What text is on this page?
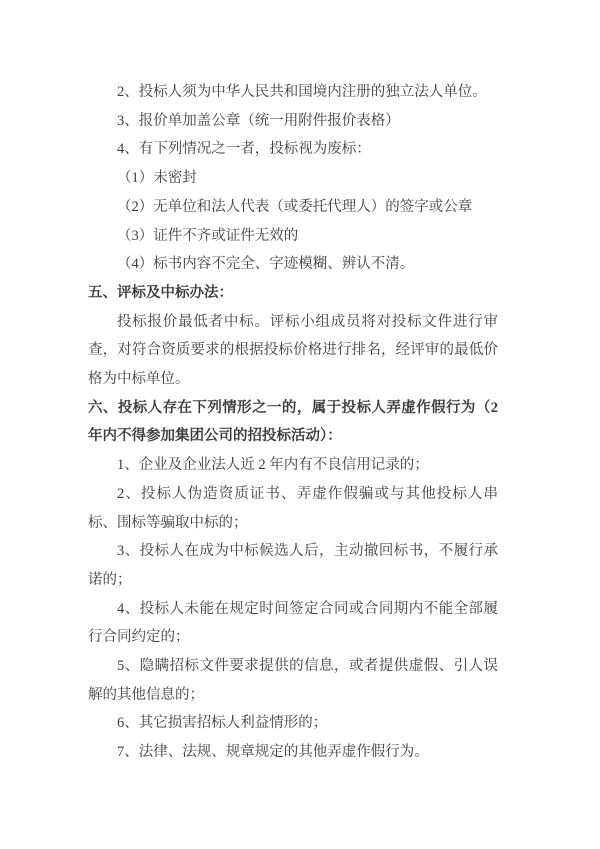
2、投标人须为中华人民共和国境内注册的独立法人单位。

3、报价单加盖公章（统一用附件报价表格）

4、有下列情况之一者，投标视为废标：

（1）未密封

（2）无单位和法人代表（或委托代理人）的签字或公章

（3）证件不齐或证件无效的

（4）标书内容不完全、字迹模糊、辨认不清。

五、评标及中标办法：

投标报价最低者中标。评标小组成员将对投标文件进行审查，对符合资质要求的根据投标价格进行排名，经评审的最低价格为中标单位。

六、投标人存在下列情形之一的，属于投标人弄虚作假行为（2年内不得参加集团公司的招投标活动）：

1、企业及企业法人近 2 年内有不良信用记录的；

2、投标人伪造资质证书、弄虚作假骗或与其他投标人串标、围标等骗取中标的；

3、投标人在成为中标候选人后，主动撤回标书，不履行承诺的；

4、投标人未能在规定时间签定合同或合同期内不能全部履行合同约定的；

5、隐瞒招标文件要求提供的信息，或者提供虚假、引人误解的其他信息的；

6、其它损害招标人利益情形的；

7、法律、法规、规章规定的其他弄虚作假行为。
